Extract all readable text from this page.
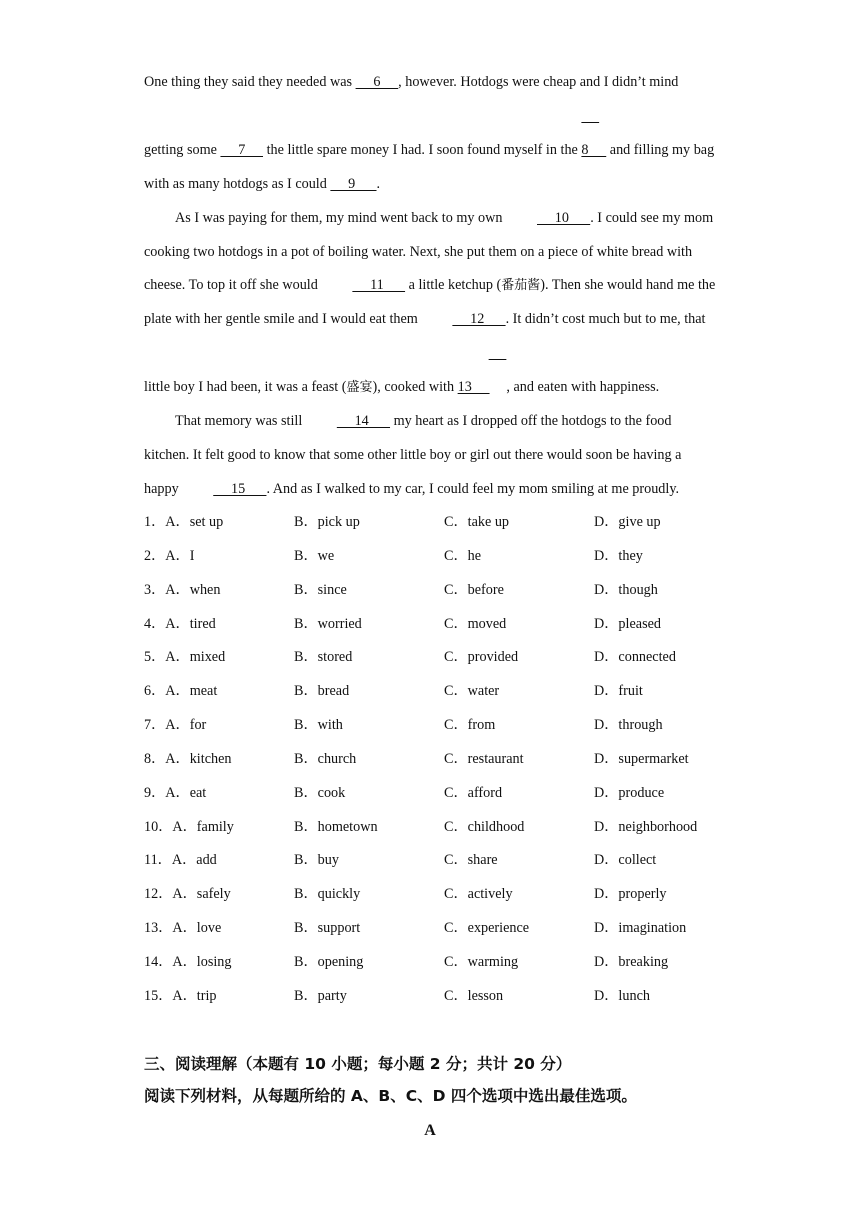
One thing they said they needed was      6     , however. Hotdogs were cheap and I didn’t mind getting some      7      the little spare money I had. I soon found myself in the
8      and filling my bag with as many hotdogs as I could      9      .

As I was paying for them, my mind went back to my own      10      . I could see my mom cooking two hotdogs in a pot of boiling water. Next, she put them on a piece of white bread with cheese. To top it off she would      11       a little ketchup (番茄酱). Then she would hand me the plate with her gentle smile and I would eat them      12      . It didn’t cost much but to me, that little boy I had been, it was a feast (盛宴), cooked with
13     , and eaten with happiness.

That memory was still      14       my heart as I dropped off the hotdogs to the food kitchen. It felt good to know that some other little boy or girl out there would soon be having a happy      15      . And as I walked to my car, I could feel my mom smiling at me proudly.

1．A．set up	B．pick up	C．take up	D．give up
2．A．I	B．we	C．he	D．they
3．A．when	B．since	C．before	D．though
4．A．tired	B．worried	C．moved	D．pleased
5．A．mixed	B．stored	C．provided	D．connected
6．A．meat	B．bread	C．water	D．fruit
7．A．for	B．with	C．from	D．through
8．A．kitchen	B．church	C．restaurant	D．supermarket
9．A．eat	B．cook	C．afford	D．produce
10．A．family	B．hometown	C．childhood	D．neighborhood
11．A．add	B．buy	C．share	D．collect
12．A．safely	B．quickly	C．actively	D．properly
13．A．love	B．support	C．experience	D．imagination
14．A．losing	B．opening	C．warming	D．breaking
15．A．trip	B．party	C．lesson	D．lunch
三、阅读理解（本题有 10 小题；每小题 2 分；共计 20 分）
阅读下列材料，从每题所给的 A、B、C、D 四个选项中选出最佳选项。
A
